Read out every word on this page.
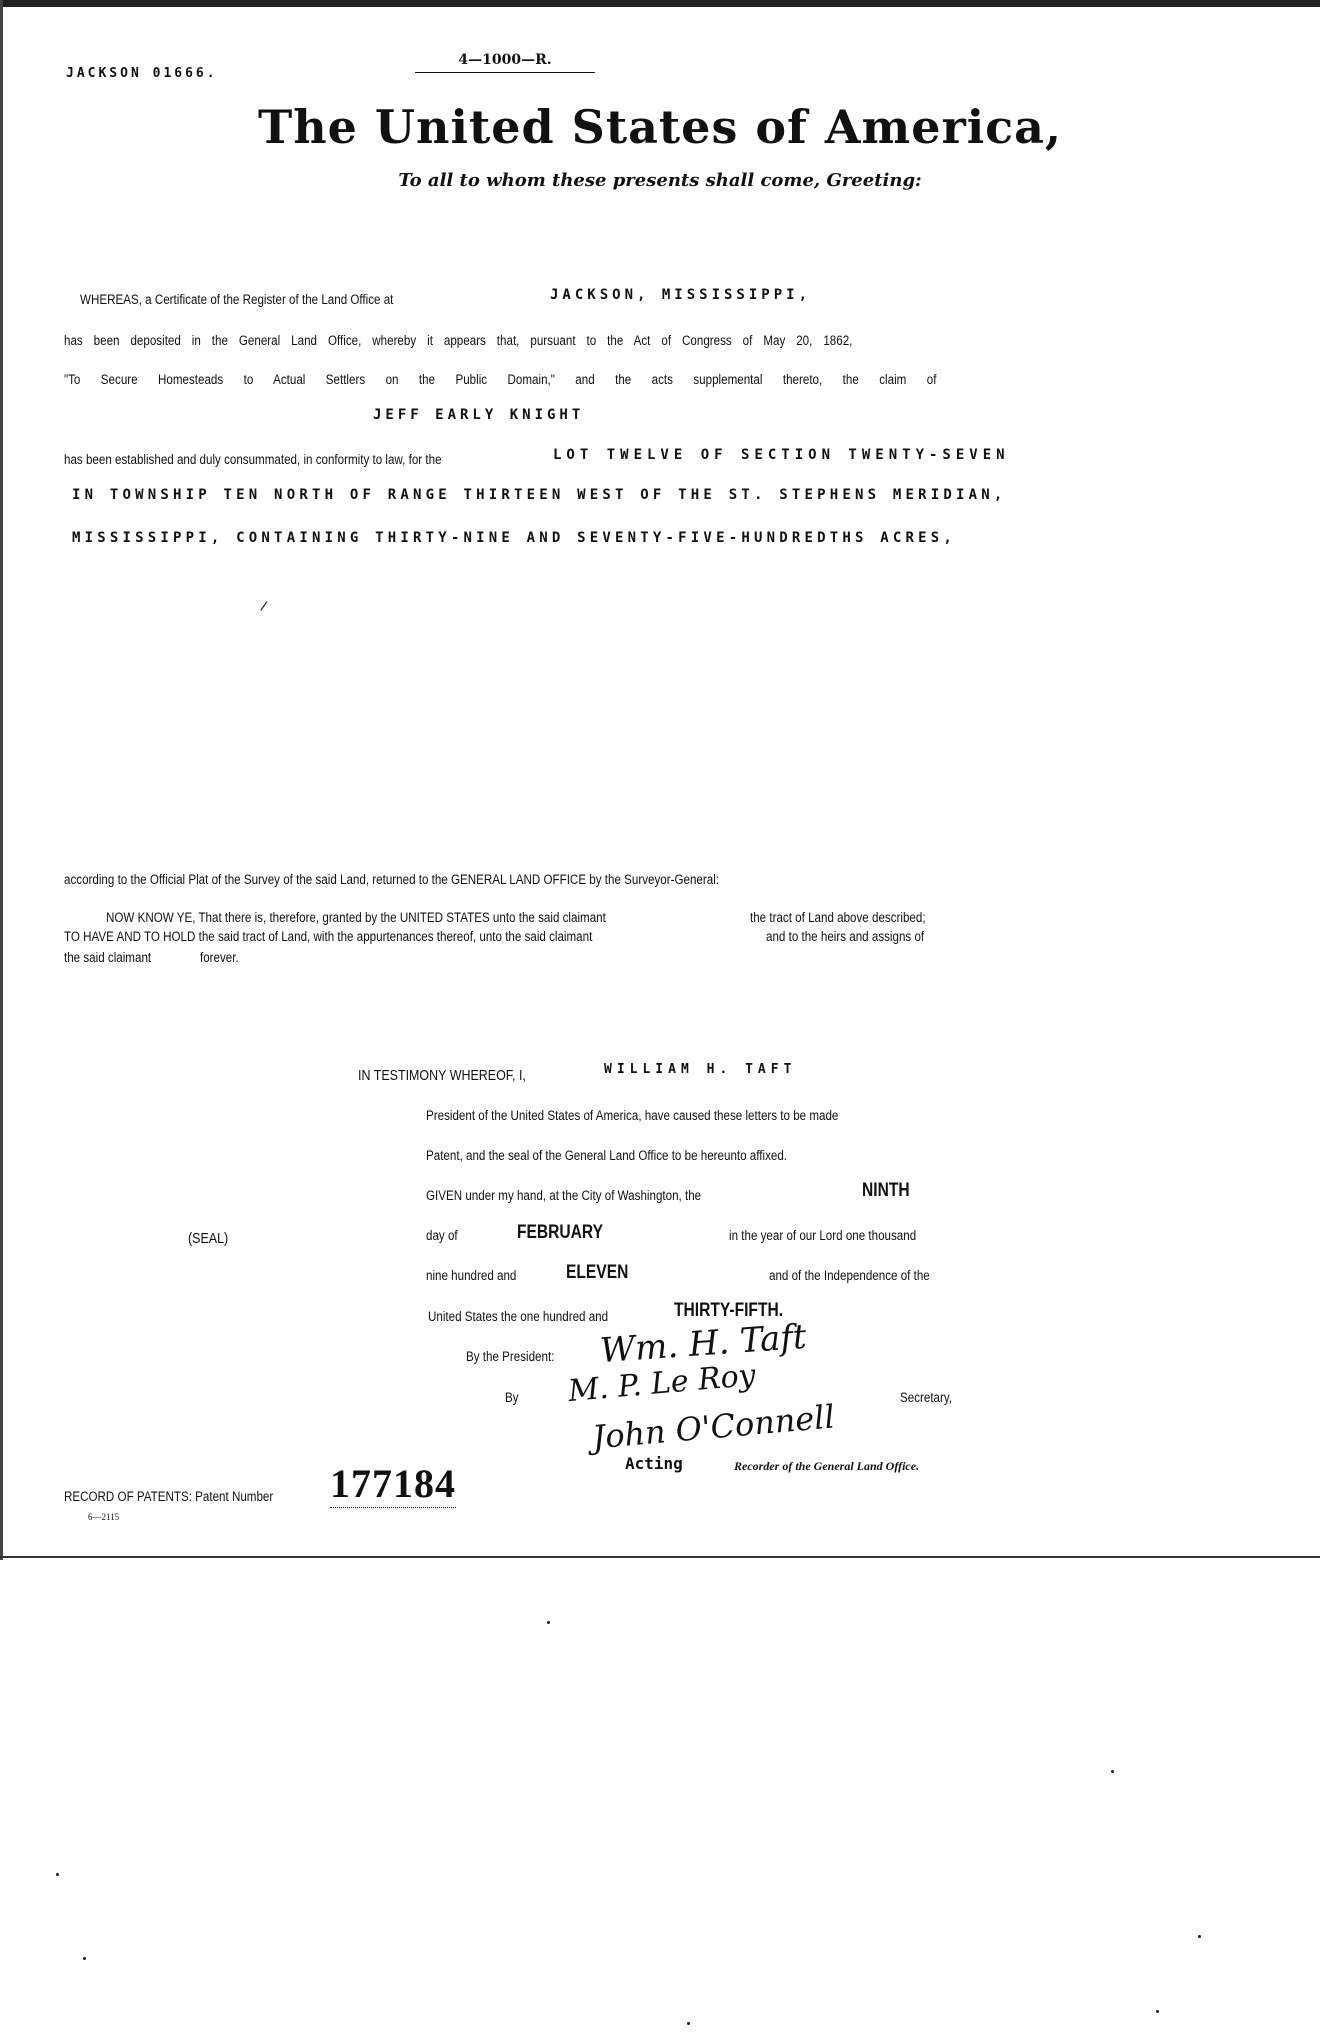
JACKSON 01666.
4—1000—R.
The United States of America,
To all to whom these presents shall come, Greeting:
WHEREAS, a Certificate of the Register of the Land Office at	JACKSON, MISSISSIPPI,
has been deposited in the General Land Office, whereby it appears that, pursuant to the Act of Congress of May 20, 1862,
"To Secure Homesteads to Actual Settlers on the Public Domain," and the acts supplemental thereto, the claim of
JEFF EARLY KNIGHT
has been established and duly consummated, in conformity to law, for the	LOT TWELVE OF SECTION TWENTY-SEVEN
IN TOWNSHIP TEN NORTH OF RANGE THIRTEEN WEST OF THE ST. STEPHENS MERIDIAN,
MISSISSIPPI, CONTAINING THIRTY-NINE AND SEVENTY-FIVE-HUNDREDTHS ACRES,
/
according to the Official Plat of the Survey of the said Land, returned to the GENERAL LAND OFFICE by the Surveyor-General:
NOW KNOW YE, That there is, therefore, granted by the UNITED STATES unto the said claimant	the tract of Land above described;
TO HAVE AND TO HOLD the said tract of Land, with the appurtenances thereof, unto the said claimant	and to the heirs and assigns of
the said claimant	forever.
IN TESTIMONY WHEREOF, I,	WILLIAM H. TAFT
President of the United States of America, have caused these letters to be made
Patent, and the seal of the General Land Office to be hereunto affixed.
GIVEN under my hand, at the City of Washington, the	NINTH
(SEAL)	day of	FEBRUARY	in the year of our Lord one thousand
nine hundred and	ELEVEN	and of the Independence of the
United States the one hundred and	THIRTY-FIFTH.
By the President: Wm. H. Taft
By M. P. Le Roy	Secretary,
John O'Connell
Acting	Recorder of the General Land Office.
RECORD OF PATENTS: Patent Number 177184
6—2115
